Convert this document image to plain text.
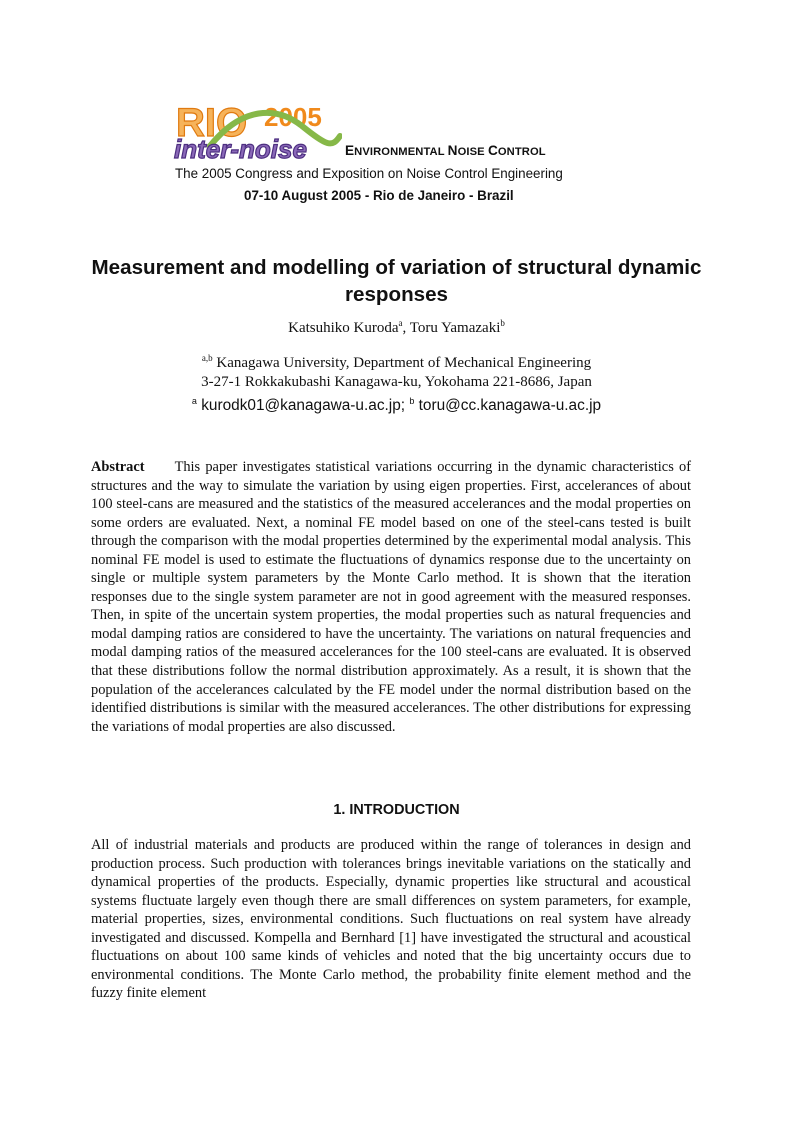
RIO 2005
inter-noise	ENVIRONMENTAL NOISE CONTROL
The 2005 Congress and Exposition on Noise Control Engineering
07-10 August 2005 - Rio de Janeiro - Brazil
Measurement and modelling of variation of structural dynamic responses
Katsuhiko Kuroda$^a$, Toru Yamazaki$^b$
$^{a,b}$ Kanagawa University, Department of Mechanical Engineering
3-27-1 Rokkakubashi Kanagawa-ku, Yokohama 221-8686, Japan
$^a$ kurodk01@kanagawa-u.ac.jp; $^b$ toru@cc.kanagawa-u.ac.jp

Abstract This paper investigates statistical variations occurring in the dynamic characteristics of structures and the way to simulate the variation by using eigen properties. First, accelerances of about 100 steel-cans are measured and the statistics of the measured accelerances and the modal properties on some orders are evaluated. Next, a nominal FE model based on one of the steel-cans tested is built through the comparison with the modal properties determined by the experimental modal analysis. This nominal FE model is used to estimate the fluctuations of dynamics response due to the uncertainty on single or multiple system parameters by the Monte Carlo method. It is shown that the iteration responses due to the single system parameter are not in good agreement with the measured responses. Then, in spite of the uncertain system properties, the modal properties such as natural frequencies and modal damping ratios are considered to have the uncertainty. The variations on natural frequencies and modal damping ratios of the measured accelerances for the 100 steel-cans are evaluated. It is observed that these distributions follow the normal distribution approximately. As a result, it is shown that the population of the accelerances calculated by the FE model under the normal distribution based on the identified distributions is similar with the measured accelerances. The other distributions for expressing the variations of modal properties are also discussed.

1. INTRODUCTION

All of industrial materials and products are produced within the range of tolerances in design and production process. Such production with tolerances brings inevitable variations on the statically and dynamical properties of the products. Especially, dynamic properties like structural and acoustical systems fluctuate largely even though there are small differences on system parameters, for example, material properties, sizes, environmental conditions. Such fluctuations on real system have already investigated and discussed. Kompella and Bernhard [1] have investigated the structural and acoustical fluctuations on about 100 same kinds of vehicles and noted that the big uncertainty occurs due to environmental conditions. The Monte Carlo method, the probability finite element method and the fuzzy finite element
